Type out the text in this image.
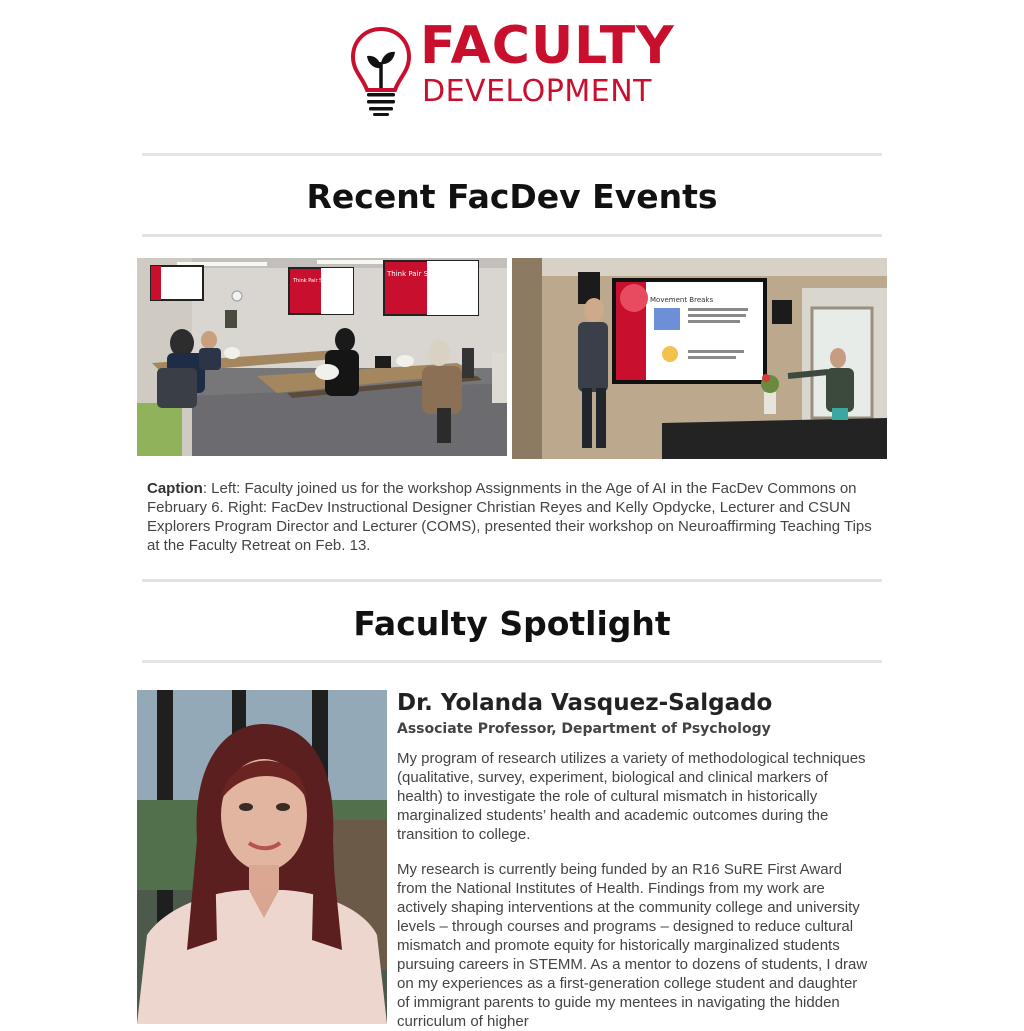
FACULTY
DEVELOPMENT
Recent FacDev Events
Think Pair Share
Think Pair Share
Movement Breaks

Caption: Left: Faculty joined us for the workshop Assignments in the Age of AI in the FacDev Commons on February 6. Right: FacDev Instructional Designer Christian Reyes and Kelly Opdycke, Lecturer and CSUN Explorers Program Director and Lecturer (COMS), presented their workshop on Neuroaffirming Teaching Tips at the Faculty Retreat on Feb. 13.

Faculty Spotlight
Dr. Yolanda Vasquez-Salgado

Associate Professor, Department of Psychology

My program of research utilizes a variety of methodological techniques (qualitative, survey, experiment, biological and clinical markers of health) to investigate the role of cultural mismatch in historically marginalized students’ health and academic outcomes during the transition to college.

My research is currently being funded by an R16 SuRE First Award from the National Institutes of Health. Findings from my work are actively shaping interventions at the community college and university levels – through courses and programs – designed to reduce cultural mismatch and promote equity for historically marginalized students pursuing careers in STEMM. As a mentor to dozens of students, I draw on my experiences as a first-generation college student and daughter of immigrant parents to guide my mentees in navigating the hidden curriculum of higher
